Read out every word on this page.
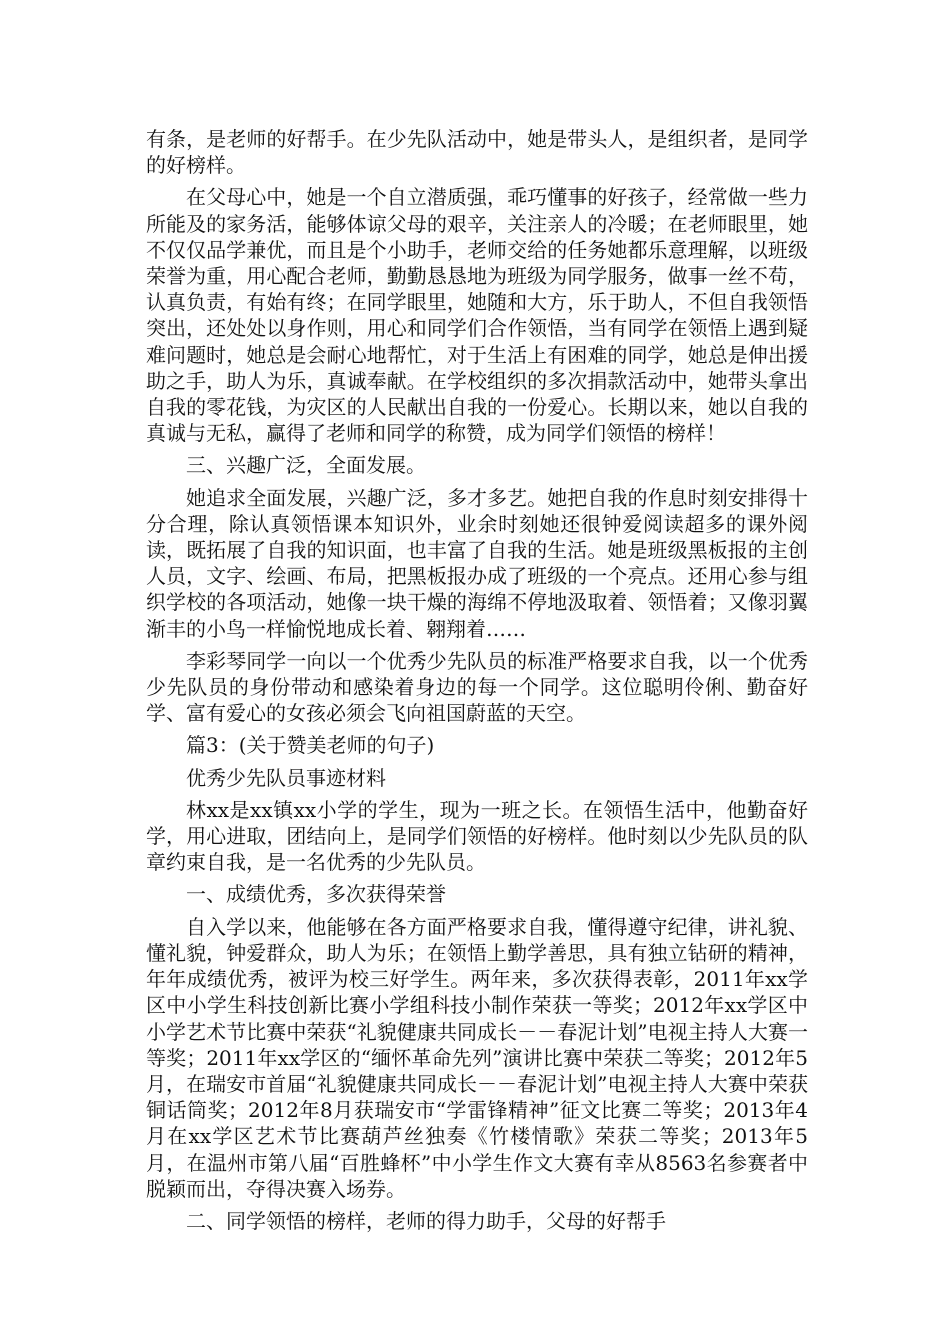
有条，是老师的好帮手。在少先队活动中，她是带头人，是组织者，是同学的好榜样。

在父母心中，她是一个自立潜质强，乖巧懂事的好孩子，经常做一些力所能及的家务活，能够体谅父母的艰辛，关注亲人的冷暖；在老师眼里，她不仅仅品学兼优，而且是个小助手，老师交给的任务她都乐意理解，以班级荣誉为重，用心配合老师，勤勤恳恳地为班级为同学服务，做事一丝不苟，认真负责，有始有终；在同学眼里，她随和大方，乐于助人，不但自我领悟突出，还处处以身作则，用心和同学们合作领悟，当有同学在领悟上遇到疑难问题时，她总是会耐心地帮忙，对于生活上有困难的同学，她总是伸出援助之手，助人为乐，真诚奉献。在学校组织的多次捐款活动中，她带头拿出自我的零花钱，为灾区的人民献出自我的一份爱心。长期以来，她以自我的真诚与无私，赢得了老师和同学的称赞，成为同学们领悟的榜样！

三、兴趣广泛，全面发展。

她追求全面发展，兴趣广泛，多才多艺。她把自我的作息时刻安排得十分合理，除认真领悟课本知识外，业余时刻她还很钟爱阅读超多的课外阅读，既拓展了自我的知识面，也丰富了自我的生活。她是班级黑板报的主创人员，文字、绘画、布局，把黑板报办成了班级的一个亮点。还用心参与组织学校的各项活动，她像一块干燥的海绵不停地汲取着、领悟着；又像羽翼渐丰的小鸟一样愉悦地成长着、翱翔着……

李彩琴同学一向以一个优秀少先队员的标准严格要求自我，以一个优秀少先队员的身份带动和感染着身边的每一个同学。这位聪明伶俐、勤奋好学、富有爱心的女孩必须会飞向祖国蔚蓝的天空。

篇3：(关于赞美老师的句子)

优秀少先队员事迹材料

林xx是xx镇xx小学的学生，现为一班之长。在领悟生活中，他勤奋好学，用心进取，团结向上，是同学们领悟的好榜样。他时刻以少先队员的队章约束自我，是一名优秀的少先队员。

一、成绩优秀，多次获得荣誉

自入学以来，他能够在各方面严格要求自我，懂得遵守纪律，讲礼貌、懂礼貌，钟爱群众，助人为乐；在领悟上勤学善思，具有独立钻研的精神，年年成绩优秀，被评为校三好学生。两年来，多次获得表彰，2011年xx学区中小学生科技创新比赛小学组科技小制作荣获一等奖；2012年xx学区中小学艺术节比赛中荣获“礼貌健康共同成长－－春泥计划”电视主持人大赛一等奖；2011年xx学区的“缅怀革命先列”演讲比赛中荣获二等奖；2012年5月，在瑞安市首届“礼貌健康共同成长－－春泥计划”电视主持人大赛中荣获铜话筒奖；2012年8月获瑞安市“学雷锋精神”征文比赛二等奖；2013年4月在xx学区艺术节比赛葫芦丝独奏《竹楼情歌》荣获二等奖；2013年5月，在温州市第八届“百胜蜂杯”中小学生作文大赛有幸从8563名参赛者中脱颖而出，夺得决赛入场券。

二、同学领悟的榜样，老师的得力助手，父母的好帮手
